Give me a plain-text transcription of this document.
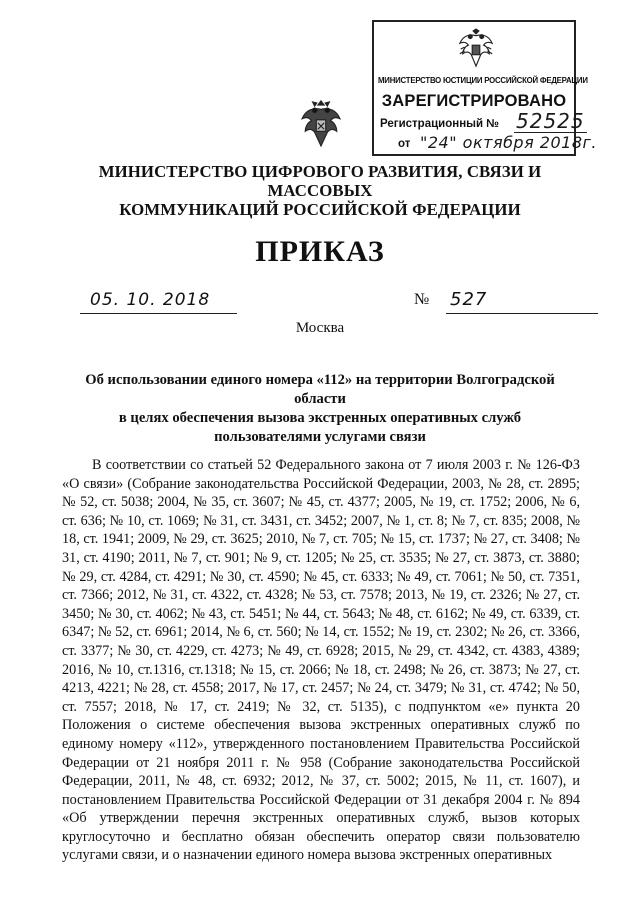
МИНИСТЕРСТВО ЮСТИЦИИ РОССИЙСКОЙ ФЕДЕРАЦИИ
ЗАРЕГИСТРИРОВАНО
Регистрационный № 52525
от "24" октября 2018г.
МИНИСТЕРСТВО ЦИФРОВОГО РАЗВИТИЯ, СВЯЗИ И МАССОВЫХ
КОММУНИКАЦИЙ РОССИЙСКОЙ ФЕДЕРАЦИИ
ПРИКАЗ
05. 10. 2018	№ 527
Москва
Об использовании единого номера «112» на территории Волгоградской области
в целях обеспечения вызова экстренных оперативных служб
пользователями услугами связи
В соответствии со статьей 52 Федерального закона от 7 июля 2003 г. № 126-ФЗ «О связи» (Собрание законодательства Российской Федерации, 2003, № 28, ст. 2895; № 52, ст. 5038; 2004, № 35, ст. 3607; № 45, ст. 4377; 2005, № 19, ст. 1752; 2006, № 6, ст. 636; № 10, ст. 1069; № 31, ст. 3431, ст. 3452; 2007, № 1, ст. 8; № 7, ст. 835; 2008, № 18, ст. 1941; 2009, № 29, ст. 3625; 2010, № 7, ст. 705; № 15, ст. 1737; № 27, ст. 3408; № 31, ст. 4190; 2011, № 7, ст. 901; № 9, ст. 1205; № 25, ст. 3535; № 27, ст. 3873, ст. 3880; № 29, ст. 4284, ст. 4291; № 30, ст. 4590; № 45, ст. 6333; № 49, ст. 7061; № 50, ст. 7351, ст. 7366; 2012, № 31, ст. 4322, ст. 4328; № 53, ст. 7578; 2013, № 19, ст. 2326; № 27, ст. 3450; № 30, ст. 4062; № 43, ст. 5451; № 44, ст. 5643; № 48, ст. 6162; № 49, ст. 6339, ст. 6347; № 52, ст. 6961; 2014, № 6, ст. 560; № 14, ст. 1552; № 19, ст. 2302; № 26, ст. 3366, ст. 3377; № 30, ст. 4229, ст. 4273; № 49, ст. 6928; 2015, № 29, ст. 4342, ст. 4383, 4389; 2016, № 10, ст.1316, ст.1318; № 15, ст. 2066; № 18, ст. 2498; № 26, ст. 3873; № 27, ст. 4213, 4221; № 28, ст. 4558; 2017, № 17, ст. 2457; № 24, ст. 3479; № 31, ст. 4742; № 50, ст. 7557; 2018, № 17, ст. 2419; № 32, ст. 5135), с подпунктом «е» пункта 20 Положения о системе обеспечения вызова экстренных оперативных служб по единому номеру «112», утвержденного постановлением Правительства Российской Федерации от 21 ноября 2011 г. № 958 (Собрание законодательства Российской Федерации, 2011, № 48, ст. 6932; 2012, № 37, ст. 5002; 2015, № 11, ст. 1607), и постановлением Правительства Российской Федерации от 31 декабря 2004 г. № 894 «Об утверждении перечня экстренных оперативных служб, вызов которых круглосуточно и бесплатно обязан обеспечить оператор связи пользователю услугами связи, и о назначении единого номера вызова экстренных оперативных
